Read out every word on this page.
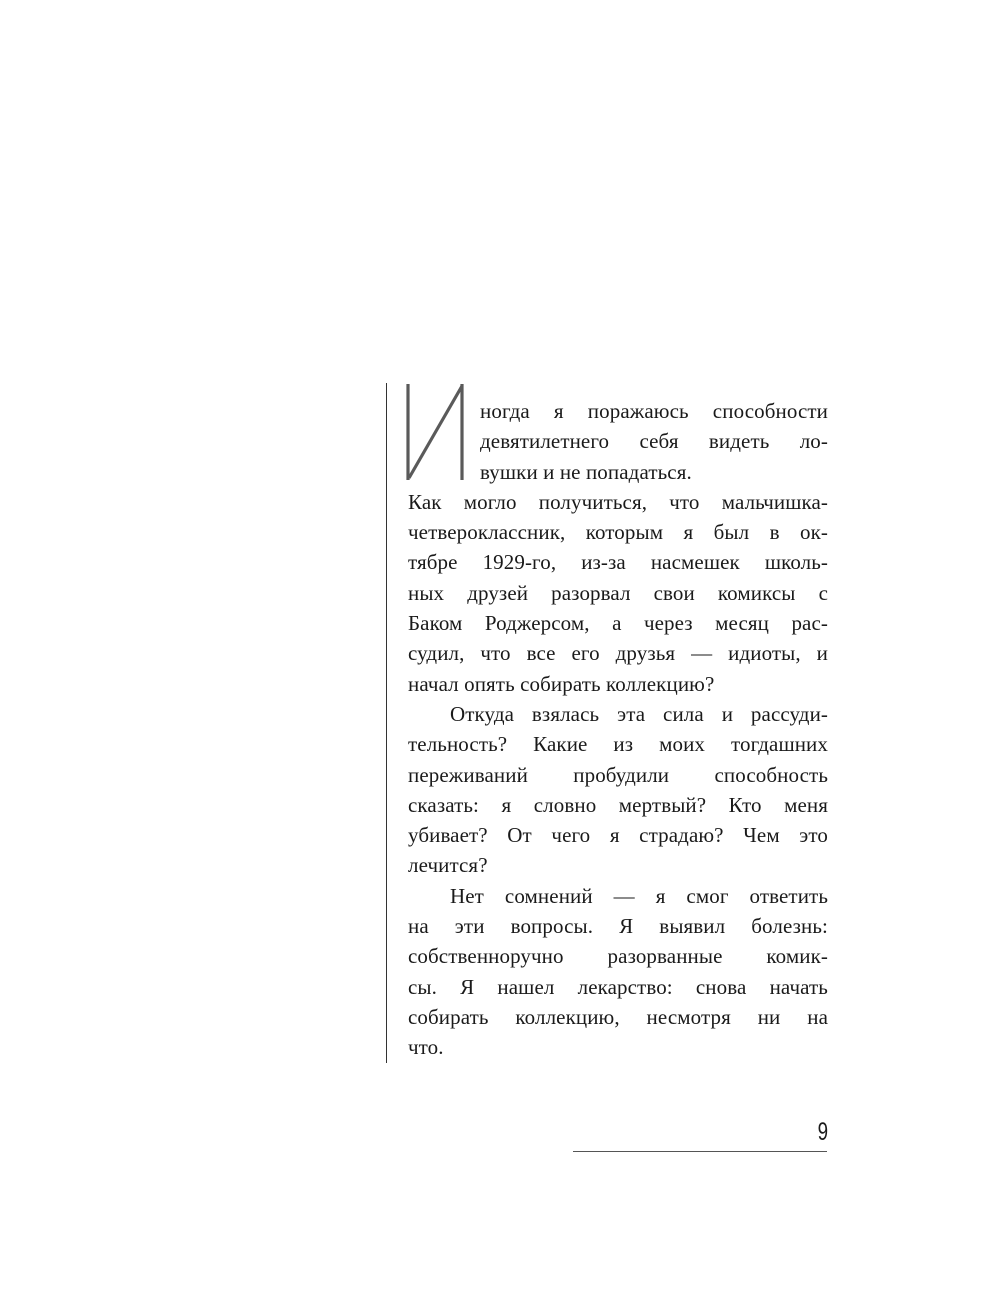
ногда я поражаюсь способности
девятилетнего себя видеть ло-
вушки и не попадаться.
Как могло получиться, что мальчишка-
четвероклассник, которым я был в ок-
тябре 1929-го, из-за насмешек школь-
ных друзей разорвал свои комиксы с
Баком Роджерсом, а через месяц рас-
судил, что все его друзья — идиоты, и
начал опять собирать коллекцию?
Откуда взялась эта сила и рассуди-
тельность? Какие из моих тогдашних
переживаний пробудили способность
сказать: я словно мертвый? Кто меня
убивает? От чего я страдаю? Чем это
лечится?
Нет сомнений — я смог ответить
на эти вопросы. Я выявил болезнь:
собственноручно разорванные комик-
сы. Я нашел лекарство: снова начать
собирать коллекцию, несмотря ни на
что.
9
